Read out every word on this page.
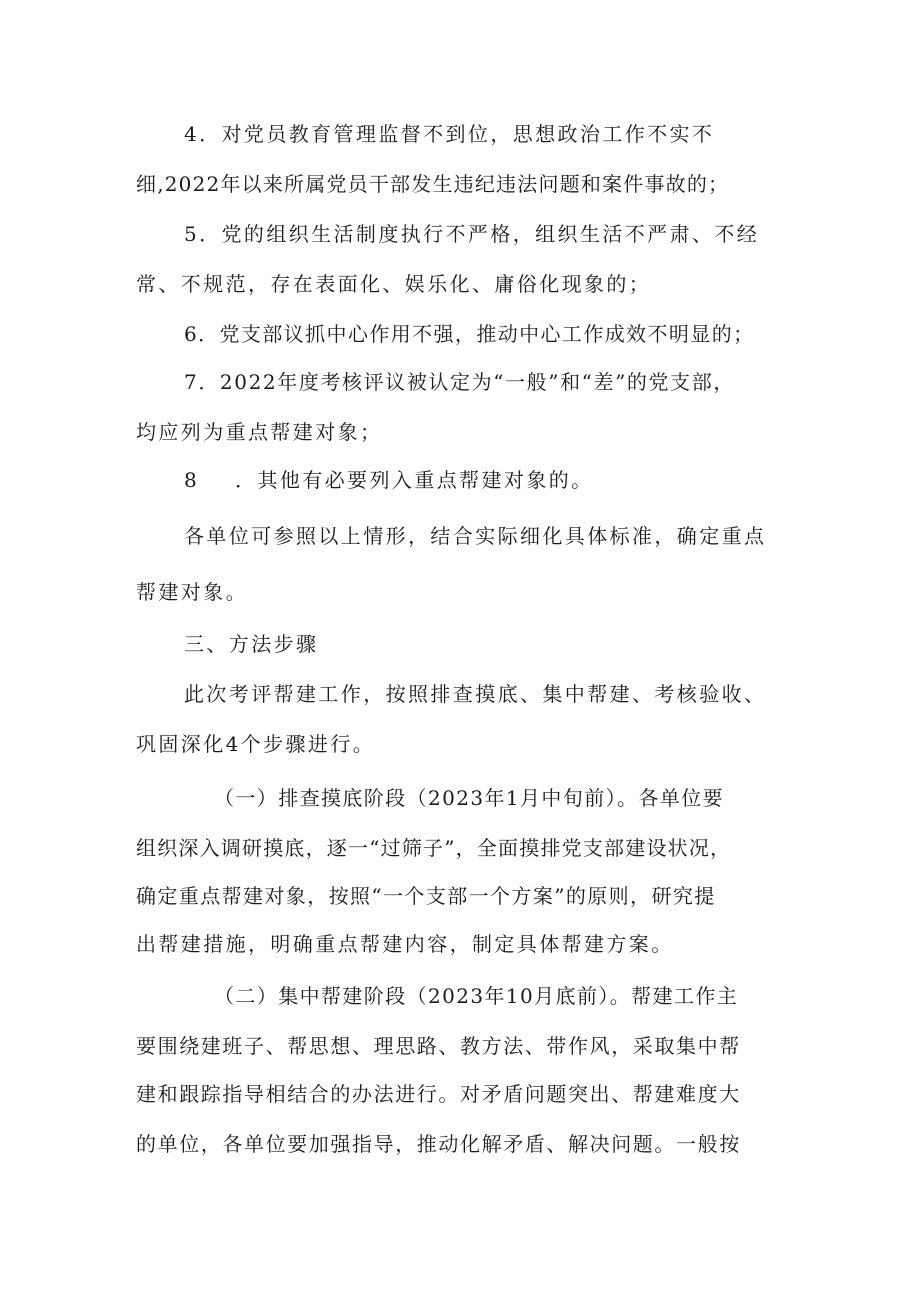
4．对党员教育管理监督不到位，思想政治工作不实不
细,2022年以来所属党员干部发生违纪违法问题和案件事故的；
5．党的组织生活制度执行不严格，组织生活不严肃、不经
常、不规范，存在表面化、娱乐化、庸俗化现象的；
6．党支部议抓中心作用不强，推动中心工作成效不明显的；
7．2022年度考核评议被认定为“一般”和“差”的党支部，
均应列为重点帮建对象；
8 ．其他有必要列入重点帮建对象的。
各单位可参照以上情形，结合实际细化具体标准，确定重点
帮建对象。
三、方法步骤
此次考评帮建工作，按照排查摸底、集中帮建、考核验收、
巩固深化4个步骤进行。
（一）排查摸底阶段（2023年1月中旬前）。各单位要
组织深入调研摸底，逐一“过筛子”，全面摸排党支部建设状况，
确定重点帮建对象，按照“一个支部一个方案”的原则，研究提
出帮建措施，明确重点帮建内容，制定具体帮建方案。
（二）集中帮建阶段（2023年10月底前）。帮建工作主
要围绕建班子、帮思想、理思路、教方法、带作风，采取集中帮
建和跟踪指导相结合的办法进行。对矛盾问题突出、帮建难度大
的单位，各单位要加强指导，推动化解矛盾、解决问题。一般按
